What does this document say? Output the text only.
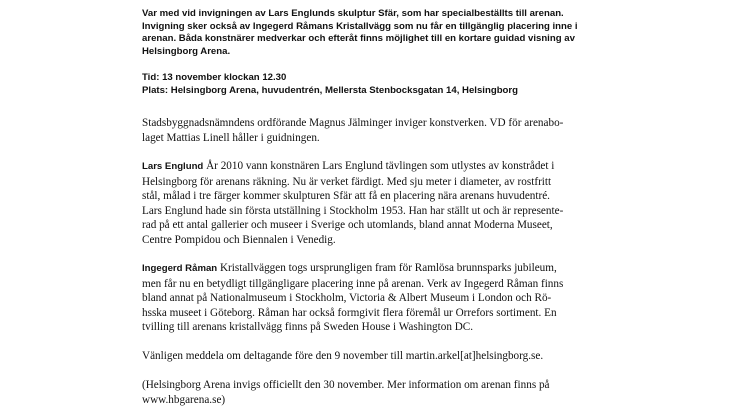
Var med vid invigningen av Lars Englunds skulptur Sfär, som har specialbeställts till arenan.
Invigning sker också av Ingegerd Råmans Kristallvägg som nu får en tillgänglig placering inne i
arenan. Båda konstnärer medverkar och efteråt finns möjlighet till en kortare guidad visning av
Helsingborg Arena.
Tid: 13 november klockan 12.30
Plats: Helsingborg Arena, huvudentrén, Mellersta Stenbocksgatan 14, Helsingborg
Stadsbyggnadsnämndens ordförande Magnus Jälminger inviger konstverken. VD för arenabo-
laget Mattias Linell håller i guidningen.
Lars Englund År 2010 vann konstnären Lars Englund tävlingen som utlystes av konstrådet i
Helsingborg för arenans räkning. Nu är verket färdigt. Med sju meter i diameter, av rostfritt
stål, målad i tre färger kommer skulpturen Sfär att få en placering nära arenans huvudentré.
Lars Englund hade sin första utställning i Stockholm 1953. Han har ställt ut och är represente-
rad på ett antal gallerier och museer i Sverige och utomlands, bland annat Moderna Museet,
Centre Pompidou och Biennalen i Venedig.
Ingegerd Råman Kristallväggen togs ursprungligen fram för Ramlösa brunnsparks jubileum,
men får nu en betydligt tillgängligare placering inne på arenan. Verk av Ingegerd Råman finns
bland annat på Nationalmuseum i Stockholm, Victoria & Albert Museum i London och Rö-
hsska museet i Göteborg. Råman har också formgivit flera föremål ur Orrefors sortiment. En
tvilling till arenans kristallvägg finns på Sweden House i Washington DC.
Vänligen meddela om deltagande före den 9 november till martin.arkel[at]helsingborg.se.
(Helsingborg Arena invigs officiellt den 30 november. Mer information om arenan finns på
www.hbgarena.se)
